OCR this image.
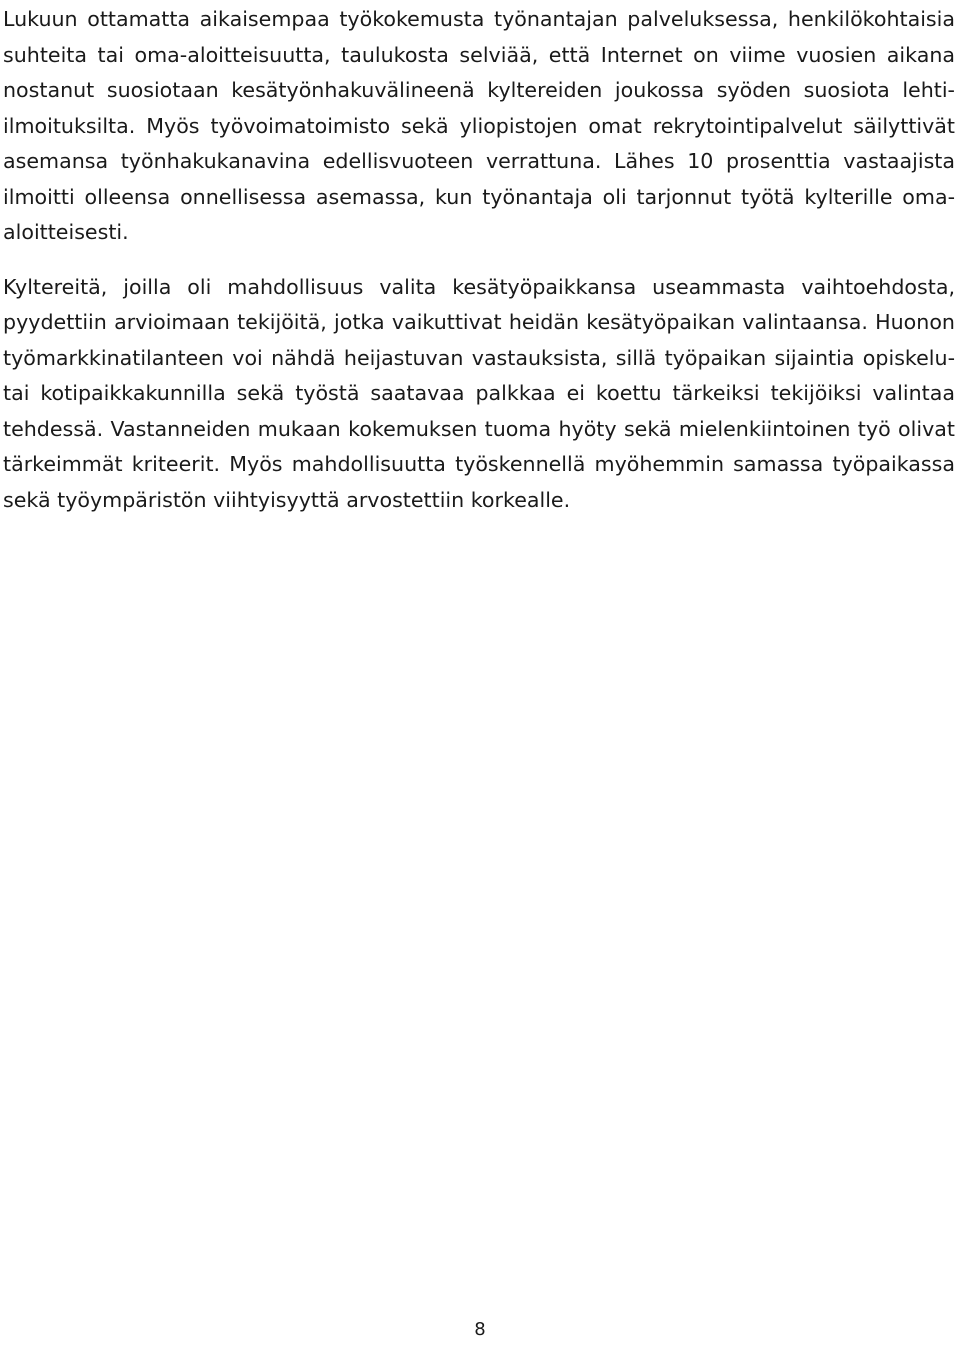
Lukuun ottamatta aikaisempaa työkokemusta työnantajan palveluksessa, henkilökohtaisia suhteita tai oma-aloitteisuutta, taulukosta selviää, että Internet on viime vuosien aikana nostanut suosiotaan kesätyönhakuvälineenä kyltereiden joukossa syöden suosiota lehti-ilmoituksilta. Myös työvoimatoimisto sekä yliopistojen omat rekrytointipalvelut säilyttivät asemansa työnhakukanavina edellisvuoteen verrattuna. Lähes 10 prosenttia vastaajista ilmoitti olleensa onnellisessa asemassa, kun työnantaja oli tarjonnut työtä kylterille oma-aloitteisesti.

Kyltereitä, joilla oli mahdollisuus valita kesätyöpaikkansa useammasta vaihtoehdosta, pyydettiin arvioimaan tekijöitä, jotka vaikuttivat heidän kesätyöpaikan valintaansa. Huonon työmarkkinatilanteen voi nähdä heijastuvan vastauksista, sillä työpaikan sijaintia opiskelu- tai kotipaikkakunnilla sekä työstä saatavaa palkkaa ei koettu tärkeiksi tekijöiksi valintaa tehdessä. Vastanneiden mukaan kokemuksen tuoma hyöty sekä mielenkiintoinen työ olivat tärkeimmät kriteerit. Myös mahdollisuutta työskennellä myöhemmin samassa työpaikassa sekä työympäristön viihtyisyyttä arvostettiin korkealle.

8
